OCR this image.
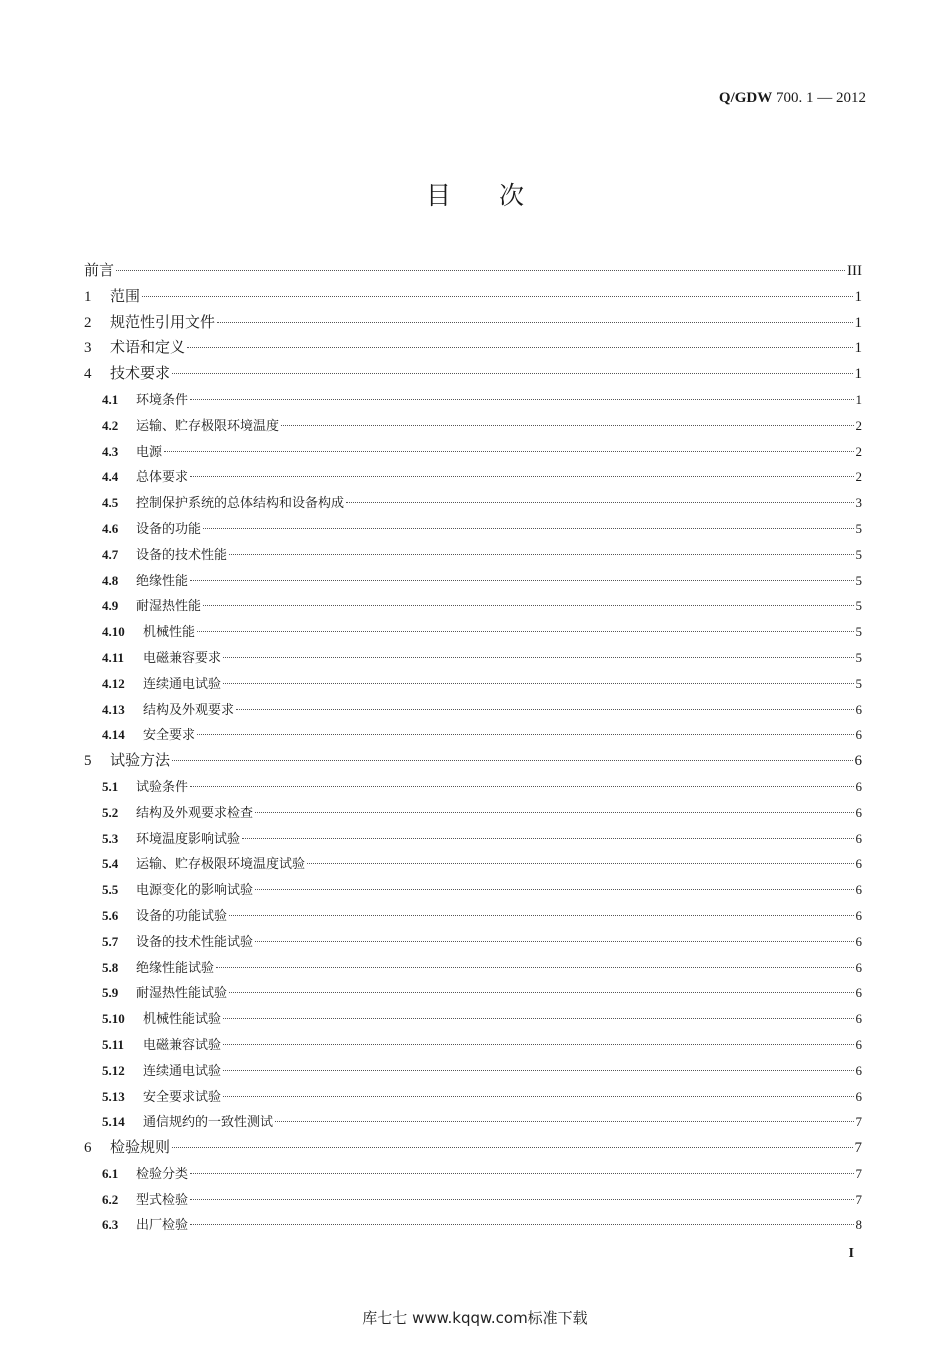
Q/GDW 700. 1 — 2012
目次
前言	III
1	范围	1
2	规范性引用文件	1
3	术语和定义	1
4	技术要求	1
4.1	环境条件	1
4.2	运输、贮存极限环境温度	2
4.3	电源	2
4.4	总体要求	2
4.5	控制保护系统的总体结构和设备构成	3
4.6	设备的功能	5
4.7	设备的技术性能	5
4.8	绝缘性能	5
4.9	耐湿热性能	5
4.10	机械性能	5
4.11	电磁兼容要求	5
4.12	连续通电试验	5
4.13	结构及外观要求	6
4.14	安全要求	6
5	试验方法	6
5.1	试验条件	6
5.2	结构及外观要求检查	6
5.3	环境温度影响试验	6
5.4	运输、贮存极限环境温度试验	6
5.5	电源变化的影响试验	6
5.6	设备的功能试验	6
5.7	设备的技术性能试验	6
5.8	绝缘性能试验	6
5.9	耐湿热性能试验	6
5.10	机械性能试验	6
5.11	电磁兼容试验	6
5.12	连续通电试验	6
5.13	安全要求试验	6
5.14	通信规约的一致性测试	7
6	检验规则	7
6.1	检验分类	7
6.2	型式检验	7
6.3	出厂检验	8
I
库七七 www.kqqw.com标准下载
